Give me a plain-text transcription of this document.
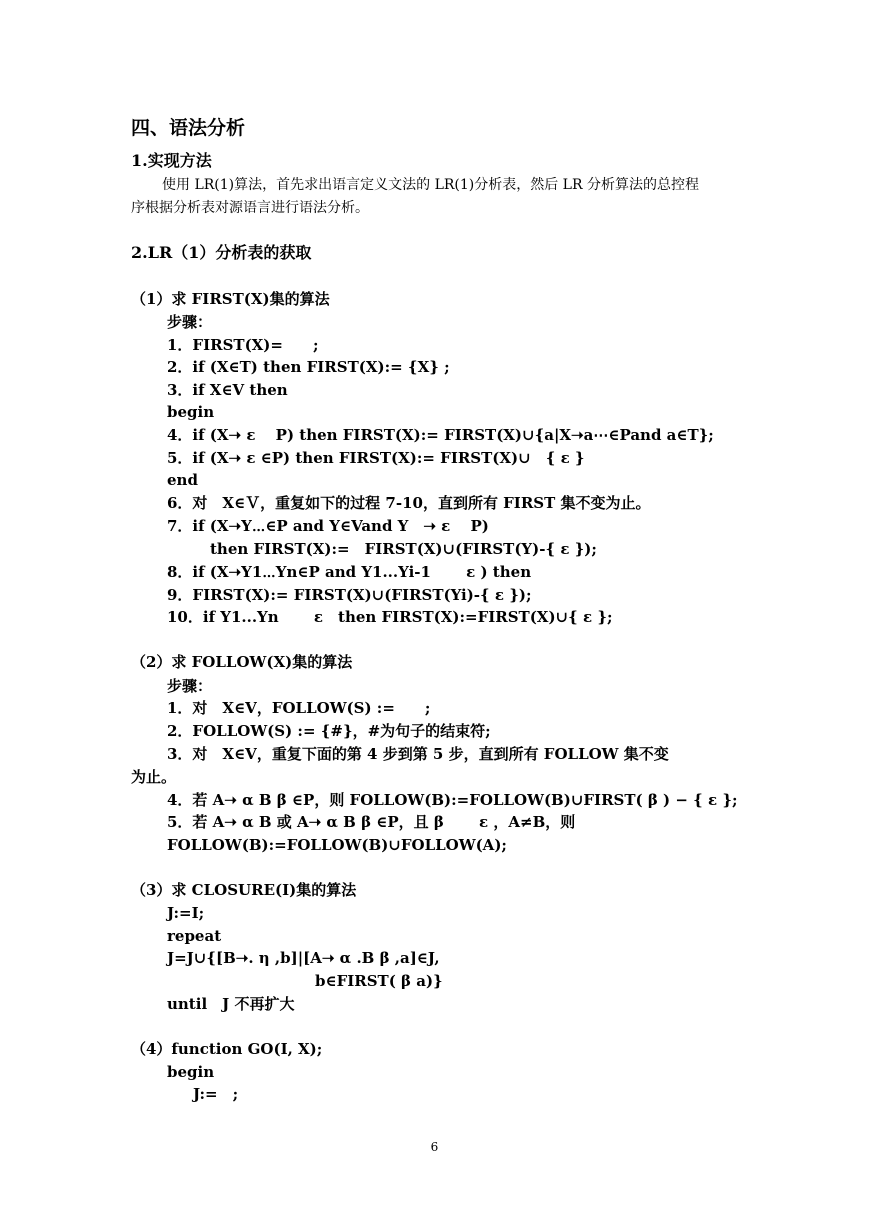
四、语法分析
1.实现方法
使用 LR(1)算法，首先求出语言定义文法的 LR(1)分析表，然后 LR 分析算法的总控程
序根据分析表对源语言进行语法分析。
2.LR（1）分析表的获取
（1）求 FIRST(X)集的算法
步骤：
1．FIRST(X)=　　;
2．if (X∈T) then FIRST(X):= {X} ;
3．if X∈V then
begin
4．if (X➝ ε　 P) then FIRST(X):= FIRST(X)∪{a|X➝a⋯∈Pand a∈T};
5．if (X➝ ε ∈P) then FIRST(X):= FIRST(X)∪　{ ε }
end
6．对　X∈Ｖ，重复如下的过程 7-10，直到所有 FIRST 集不变为止。
7．if (X➝Y⋯∈P and Y∈Vand Y　➝ ε　 P)
then FIRST(X):=　FIRST(X)∪(FIRST(Y)-{ ε });
8．if (X➝Y1⋯Yn∈P and Y1...Yi-1　　 ε ) then
9．FIRST(X):= FIRST(X)∪(FIRST(Yi)-{ ε });
10．if Y1...Yn　　 ε　then FIRST(X):=FIRST(X)∪{ ε };
（2）求 FOLLOW(X)集的算法
步骤：
1．对　X∈V，FOLLOW(S) :=　　;
2．FOLLOW(S) := {#}，#为句子的结束符;
3．对　X∈V，重复下面的第 4 步到第 5 步，直到所有 FOLLOW 集不变
为止。
4．若 A➝ α B β ∈P，则 FOLLOW(B):=FOLLOW(B)∪FIRST( β ) − { ε };
5．若 A➝ α B 或 A➝ α B β ∈P，且 β　　 ε ，A≠B，则
FOLLOW(B):=FOLLOW(B)∪FOLLOW(A);
（3）求 CLOSURE(I)集的算法
J:=I;
repeat
J=J∪{[B➝. η ,b]|[A➝ α .B β ,a]∈J,
b∈FIRST( β a)}
until　J 不再扩大
（4）function GO(I, X);
begin
J:=　;
6
